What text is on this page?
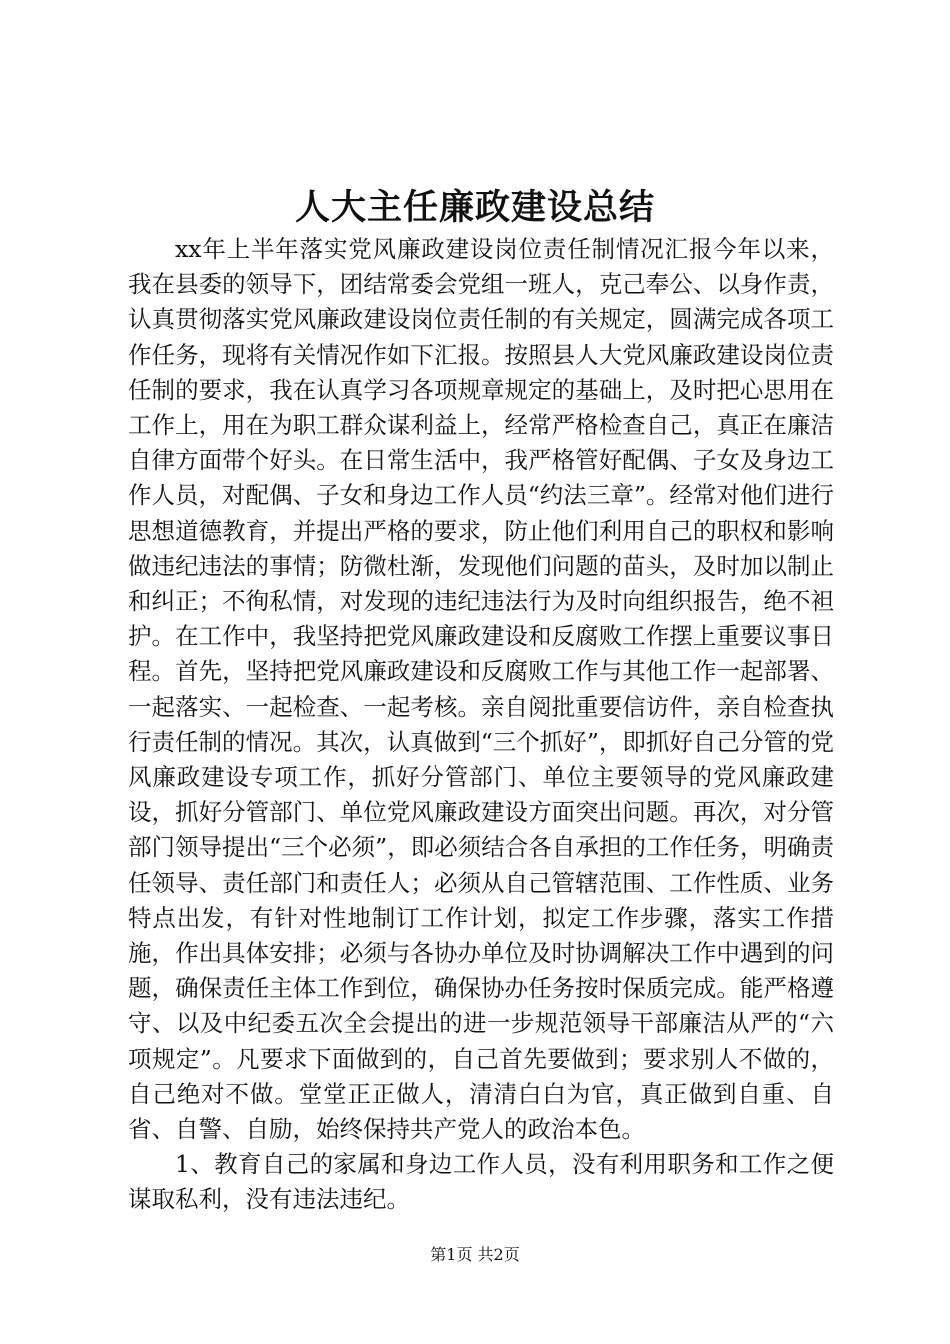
人大主任廉政建设总结

xx年上半年落实党风廉政建设岗位责任制情况汇报今年以来，我在县委的领导下，团结常委会党组一班人，克己奉公、以身作责，认真贯彻落实党风廉政建设岗位责任制的有关规定，圆满完成各项工作任务，现将有关情况作如下汇报。按照县人大党风廉政建设岗位责任制的要求，我在认真学习各项规章规定的基础上，及时把心思用在工作上，用在为职工群众谋利益上，经常严格检查自己，真正在廉洁自律方面带个好头。在日常生活中，我严格管好配偶、子女及身边工作人员，对配偶、子女和身边工作人员“约法三章”。经常对他们进行思想道德教育，并提出严格的要求，防止他们利用自己的职权和影响做违纪违法的事情；防微杜渐，发现他们问题的苗头，及时加以制止和纠正；不徇私情，对发现的违纪违法行为及时向组织报告，绝不袒护。在工作中，我坚持把党风廉政建设和反腐败工作摆上重要议事日程。首先，坚持把党风廉政建设和反腐败工作与其他工作一起部署、一起落实、一起检查、一起考核。亲自阅批重要信访件，亲自检查执行责任制的情况。其次，认真做到“三个抓好”，即抓好自己分管的党风廉政建设专项工作，抓好分管部门、单位主要领导的党风廉政建设，抓好分管部门、单位党风廉政建设方面突出问题。再次，对分管部门领导提出“三个必须”，即必须结合各自承担的工作任务，明确责任领导、责任部门和责任人；必须从自己管辖范围、工作性质、业务特点出发，有针对性地制订工作计划，拟定工作步骤，落实工作措施，作出具体安排；必须与各协办单位及时协调解决工作中遇到的问题，确保责任主体工作到位，确保协办任务按时保质完成。能严格遵守、以及中纪委五次全会提出的进一步规范领导干部廉洁从严的“六项规定”。凡要求下面做到的，自己首先要做到；要求别人不做的，自己绝对不做。堂堂正正做人，清清白白为官，真正做到自重、自省、自警、自励，始终保持共产党人的政治本色。

1、教育自己的家属和身边工作人员，没有利用职务和工作之便谋取私利，没有违法违纪。

第1页 共2页
